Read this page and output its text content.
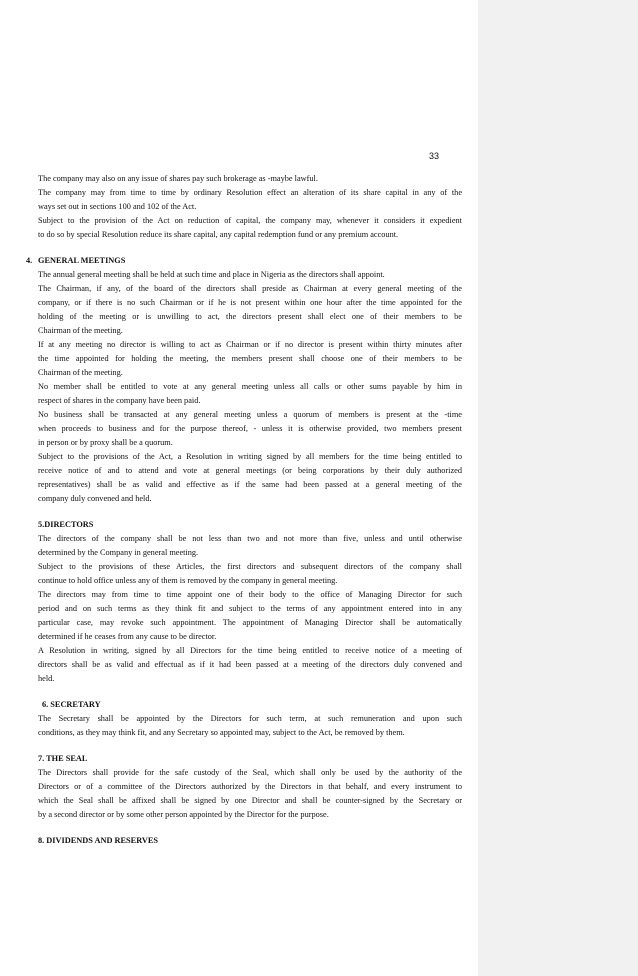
33

The company may also on any issue of shares pay such brokerage as -maybe lawful.

The company may from time to time by ordinary Resolution effect an alteration of its share capital in any of the

ways set out in sections 100 and 102 of the Act.

Subject to the provision of the Act on reduction of capital, the company may, whenever it considers it expedient

to do so by special Resolution reduce its share capital, any capital redemption fund or any premium account.

4. GENERAL MEETINGS

The annual general meeting shall be held at such time and place in Nigeria as the directors shall appoint.

The Chairman, if any, of the board of the directors shall preside as Chairman at every general meeting of the

company, or if there is no such Chairman or if he is not present within one hour after the time appointed for the

holding of the meeting or is unwilling to act, the directors present shall elect one of their members to be

Chairman of the meeting.

If at any meeting no director is willing to act as Chairman or if no director is present within thirty minutes after

the time appointed for holding the meeting, the members present shall choose one of their members to be

Chairman of the meeting.

No member shall be entitled to vote at any general meeting unless all calls or other sums payable by him in

respect of shares in the company have been paid.

No business shall be transacted at any general meeting unless a quorum of members is present at the -time

when proceeds to business and for the purpose thereof, - unless it is otherwise provided, two members present

in person or by proxy shall be a quorum.

Subject to the provisions of the Act, a Resolution in writing signed by all members for the time being entitled to

receive notice of and to attend and vote at general meetings (or being corporations by their duly authorized

representatives) shall be as valid and effective as if the same had been passed at a general meeting of the

company duly convened and held.

5.DIRECTORS

The directors of the company shall be not less than two and not more than five, unless and until otherwise

determined by the Company in general meeting.

Subject to the provisions of these Articles, the first directors and subsequent directors of the company shall

continue to hold office unless any of them is removed by the company in general meeting.

The directors may from time to time appoint one of their body to the office of Managing Director for such

period and on such terms as they think fit and subject to the terms of any appointment entered into in any

particular case, may revoke such appointment. The appointment of Managing Director shall be automatically

determined if he ceases from any cause to be director.

A Resolution in writing, signed by all Directors for the time being entitled to receive notice of a meeting of

directors shall be as valid and effectual as if it had been passed at a meeting of the directors duly convened and

held.

6. SECRETARY

The Secretary shall be appointed by the Directors for such term, at such remuneration and upon such

conditions, as they may think fit, and any Secretary so appointed may, subject to the Act, be removed by them.

7. THE SEAL

The Directors shall provide for the safe custody of the Seal, which shall only be used by the authority of the

Directors or of a committee of the Directors authorized by the Directors in that behalf, and every instrument to

which the Seal shall be affixed shall be signed by one Director and shall be counter-signed by the Secretary or

by a second director or by some other person appointed by the Director for the purpose.

8. DIVIDENDS AND RESERVES
